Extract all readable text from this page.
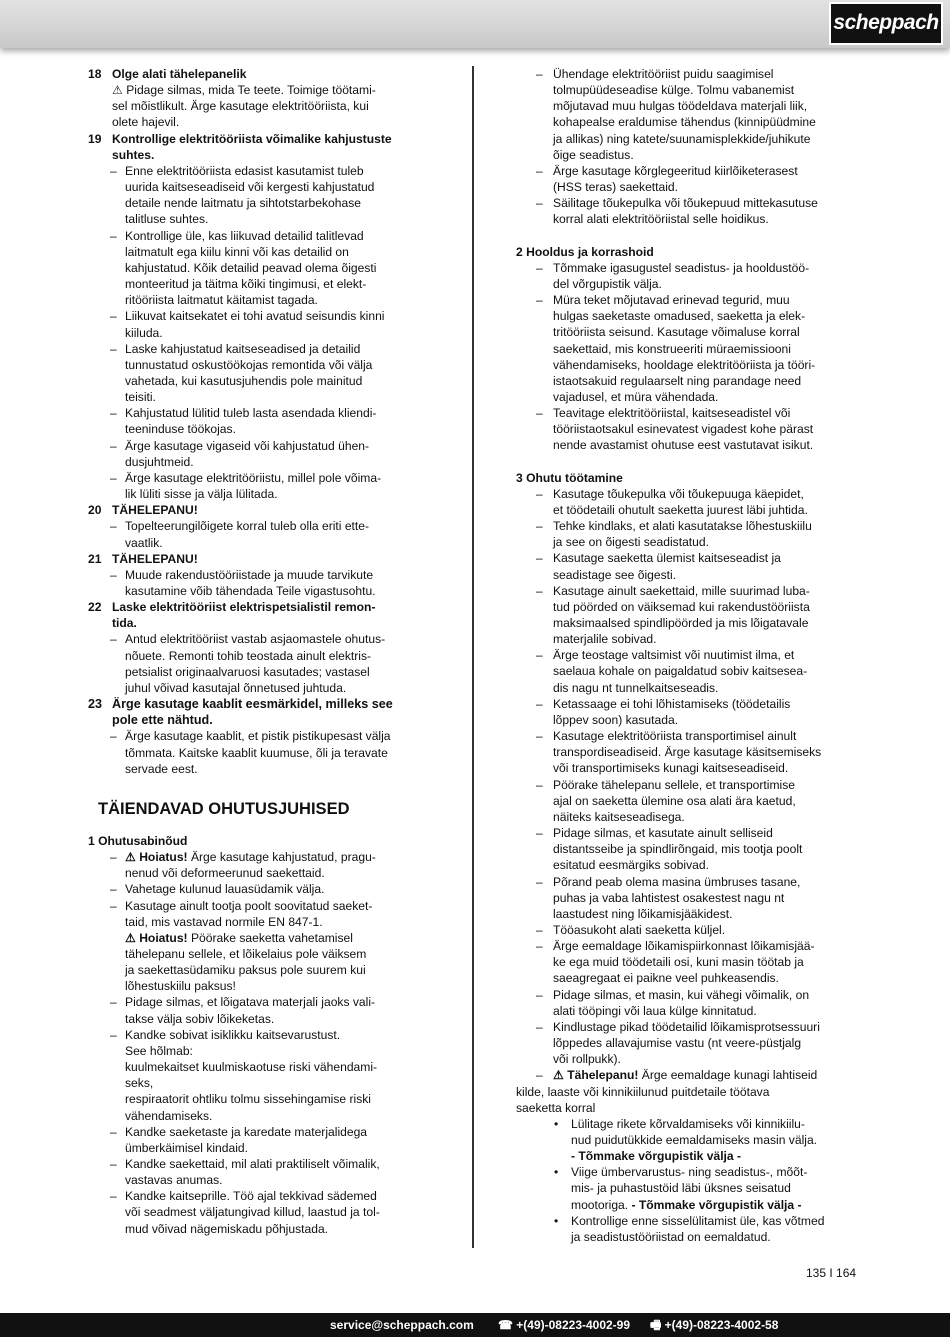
scheppach
18 Olge alati tähelepanelik
⚠ Pidage silmas, mida Te teete. Toimige töötami-
sel mõistlikult. Ärge kasutage elektritööriista, kui
olete hajevil.
19 Kontrollige elektritööriista võimalike kahjustuste
suhtes.
– Enne elektritööriista edasist kasutamist tuleb
uurida kaitseseadiseid või kergesti kahjustatud
detaile nende laitmatu ja sihtotstarbekohase
talitluse suhtes.
– Kontrollige üle, kas liikuvad detailid talitlevad
laitmatult ega kiilu kinni või kas detailid on
kahjustatud. Kõik detailid peavad olema õigesti
monteeritud ja täitma kõiki tingimusi, et elekt-
ritööriista laitmatut käitamist tagada.
– Liikuvat kaitsekatet ei tohi avatud seisundis kinni
kiiluda.
– Laske kahjustatud kaitseseadised ja detailid
tunnustatud oskustöökojas remontida või välja
vahetada, kui kasutusjuhendis pole mainitud
teisiti.
– Kahjustatud lülitid tuleb lasta asendada kliendi-
teeninduse töökojas.
– Ärge kasutage vigaseid või kahjustatud ühen-
dusjuhtmeid.
– Ärge kasutage elektritööriistu, millel pole võima-
lik lüliti sisse ja välja lülitada.
20 TÄHELEPANU!
– Topelteerungilõigete korral tuleb olla eriti ette-
vaatlik.
21 TÄHELEPANU!
– Muude rakendustööriistade ja muude tarvikute
kasutamine võib tähendada Teile vigastusohtu.
22 Laske elektritööriist elektrispetsialistil remon-
tida.
– Antud elektritööriist vastab asjaomastele ohutus-
nõuete. Remonti tohib teostada ainult elektris-
petsialist originaalvaruosi kasutades; vastasel
juhul võivad kasutajal õnnetused juhtuda.
23 Ärge kasutage kaablit eesmärkidel, milleks see
pole ette nähtud.
– Ärge kasutage kaablit, et pistik pistikupesast välja
tõmmata. Kaitske kaablit kuumuse, õli ja teravate
servade eest.
TÄIENDAVAD OHUTUSJUHISED
1 Ohutusabinõud
– ⚠ Hoiatus! Ärge kasutage kahjustatud, pragu-
nenud või deformeerunud saekettaid.
– Vahetage kulunud lauasüdamik välja.
– Kasutage ainult tootja poolt soovitatud saeket-
taid, mis vastavad normile EN 847-1.
⚠ Hoiatus! Pöörake saeketta vahetamisel
tähelepanu sellele, et lõikelaius pole väiksem
ja saekettasüdamiku paksus pole suurem kui
lõhestuskiilu paksus!
– Pidage silmas, et lõigatava materjali jaoks vali-
takse välja sobiv lõikeketas.
– Kandke sobivat isiklikku kaitsevarustust.
See hõlmab:
kuulmekaitset kuulmiskaotuse riski vähendami-
seks,
respiraatorit ohtliku tolmu sissehingamise riski
vähendamiseks.
– Kandke saeketaste ja karedate materjalidega
ümberkäimisel kindaid.
– Kandke saekettaid, mil alati praktiliselt võimalik,
vastavas anumas.
– Kandke kaitseprille. Töö ajal tekkivad sädemed
või seadmest väljatungivad killud, laastud ja tol-
mud võivad nägemiskadu põhjustada.
– Ühendage elektritööriist puidu saagimisel
tolmupüüdeseadise külge. Tolmu vabanemist
mõjutavad muu hulgas töödeldava materjali liik,
kohapealse eraldumise tähendus (kinnipüüdmine
ja allikas) ning katete/suunamisplekkide/juhikute
õige seadistus.
– Ärge kasutage kõrglegeeritud kiirlõiketerasest
(HSS teras) saekettaid.
– Säilitage tõukepulka või tõukepuud mittekasutuse
korral alati elektritööriistal selle hoidikus.
2 Hooldus ja korrashoid
– Tõmmake igasugustel seadistus- ja hooldustöö-
del võrgupistik välja.
– Müra teket mõjutavad erinevad tegurid, muu
hulgas saeketaste omadused, saeketta ja elek-
tritööriista seisund. Kasutage võimaluse korral
saekettaid, mis konstrueeriti müraemissiooni
vähendamiseks, hooldage elektritööriista ja tööri-
istaotsakuid regulaarselt ning parandage need
vajadusel, et müra vähendada.
– Teavitage elektritööriistal, kaitseseadistel või
tööriistaotsakul esinevatest vigadest kohe pärast
nende avastamist ohutuse eest vastutavat isikut.
3 Ohutu töötamine
– Kasutage tõukepulka või tõukepuuga käepidet,
et töödetaili ohutult saeketta juurest läbi juhtida.
– Tehke kindlaks, et alati kasutatakse lõhestuskiilu
ja see on õigesti seadistatud.
– Kasutage saeketta ülemist kaitseseadist ja
seadistage see õigesti.
– Kasutage ainult saekettaid, mille suurimad luba-
tud pöörded on väiksemad kui rakendustööriista
maksimaalsed spindlipöörded ja mis lõigatavale
materjalile sobivad.
– Ärge teostage valtsimist või nuutimist ilma, et
saelaua kohale on paigaldatud sobiv kaitsesea-
dis nagu nt tunnelkaitseseadis.
– Ketassaage ei tohi lõhistamiseks (töödetailis
lõppev soon) kasutada.
– Kasutage elektritööriista transportimisel ainult
transpordiseadiseid. Ärge kasutage käsitsemiseks
või transportimiseks kunagi kaitseseadiseid.
– Pöörake tähelepanu sellele, et transportimise
ajal on saeketta ülemine osa alati ära kaetud,
näiteks kaitseseadisega.
– Pidage silmas, et kasutate ainult selliseid
distantsseibe ja spindlirõngaid, mis tootja poolt
esitatud eesmärgiks sobivad.
– Põrand peab olema masina ümbruses tasane,
puhas ja vaba lahtistest osakestest nagu nt
laastudest ning lõikamisjääkidest.
– Tööasukoht alati saeketta küljel.
– Ärge eemaldage lõikamispiirkonnast lõikamisjää-
ke ega muid töödetaili osi, kuni masin töötab ja
saeagregaat ei paikne veel puhkeasendis.
– Pidage silmas, et masin, kui vähegi võimalik, on
alati tööpingi või laua külge kinnitatud.
– Kindlustage pikad töödetailid lõikamisprotsessuuri
lõppedes allavajumise vastu (nt veere-püstjalg
või rollpukk).
– ⚠ Tähelepanu! Ärge eemaldage kunagi lahtiseid
kilde, laaste või kinnikiilunud puitdetaile töötava
saeketta korral
• Lülitage rikete kõrvaldamiseks või kinnikiilu-
nud puidutükkide eemaldamiseks masin välja.
- Tõmmake võrgupistik välja -
• Viige ümbervarustus- ning seadistus-, mõõt-
mis- ja puhastustöid läbi üksnes seisatud
mootoriga. - Tõmmake võrgupistik välja -
• Kontrollige enne sisselülitamist üle, kas võtmed
ja seadistustööriistad on eemaldatud.
135 I 164
service@scheppach.com ☎ +(49)-08223-4002-99 🖷 +(49)-08223-4002-58
